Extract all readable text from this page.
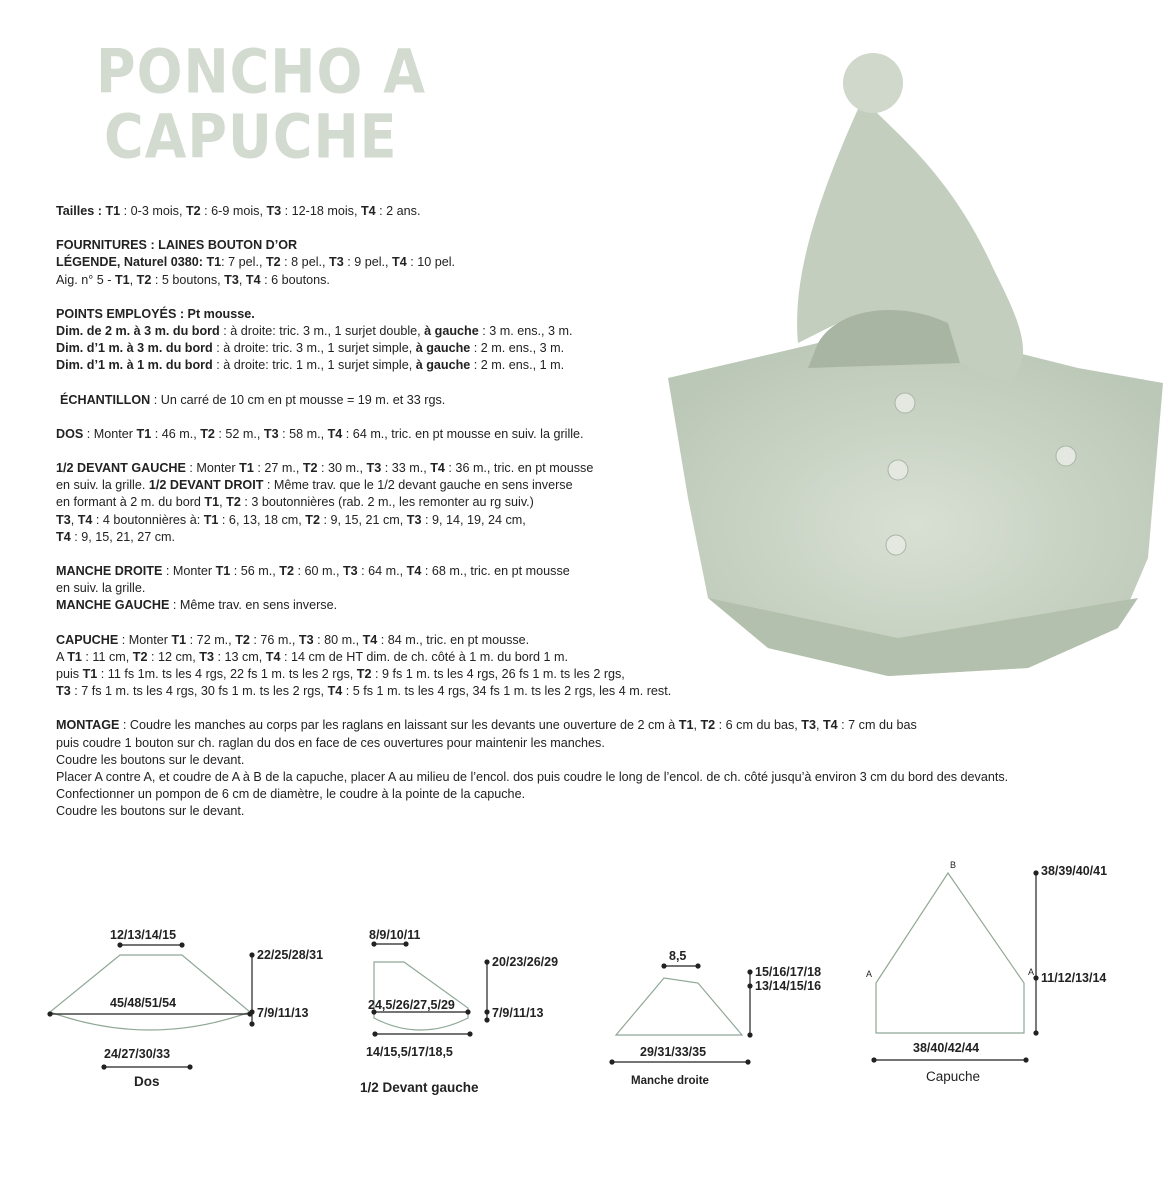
PONCHO A
CAPUCHE

Tailles : T1 : 0-3 mois, T2 : 6-9 mois, T3 : 12-18 mois, T4 : 2 ans.

FOURNITURES : LAINES BOUTON D’OR
LÉGENDE, Naturel 0380: T1: 7 pel., T2 : 8 pel., T3 : 9 pel., T4 : 10 pel.
Aig. n° 5 - T1, T2 : 5 boutons, T3, T4 : 6 boutons.

POINTS EMPLOYÉS : Pt mousse.
Dim. de 2 m. à 3 m. du bord : à droite: tric. 3 m., 1 surjet double, à gauche : 3 m. ens., 3 m.
Dim. d’1 m. à 3 m. du bord : à droite: tric. 3 m., 1 surjet simple, à gauche : 2 m. ens., 3 m.
Dim. d’1 m. à 1 m. du bord : à droite: tric. 1 m., 1 surjet simple, à gauche : 2 m. ens., 1 m.

ÉCHANTILLON : Un carré de 10 cm en pt mousse = 19 m. et 33 rgs.

DOS : Monter T1 : 46 m., T2 : 52 m., T3 : 58 m., T4 : 64 m., tric. en pt mousse en suiv. la grille.

1/2 DEVANT GAUCHE : Monter T1 : 27 m., T2 : 30 m., T3 : 33 m., T4 : 36 m., tric. en pt mousse
en suiv. la grille. 1/2 DEVANT DROIT : Même trav. que le 1/2 devant gauche en sens inverse
en formant à 2 m. du bord T1, T2 : 3 boutonnières (rab. 2 m., les remonter au rg suiv.)
T3, T4 : 4 boutonnières à: T1 : 6, 13, 18 cm, T2 : 9, 15, 21 cm, T3 : 9, 14, 19, 24 cm,
T4 : 9, 15, 21, 27 cm.

MANCHE DROITE : Monter T1 : 56 m., T2 : 60 m., T3 : 64 m., T4 : 68 m., tric. en pt mousse
en suiv. la grille.
MANCHE GAUCHE : Même trav. en sens inverse.

CAPUCHE : Monter T1 : 72 m., T2 : 76 m., T3 : 80 m., T4 : 84 m., tric. en pt mousse.
A T1 : 11 cm, T2 : 12 cm, T3 : 13 cm, T4 : 14 cm de HT dim. de ch. côté à 1 m. du bord 1 m.
puis T1 : 11 fs 1m. ts les 4 rgs, 22 fs 1 m. ts les 2 rgs, T2 : 9 fs 1 m. ts les 4 rgs, 26 fs 1 m. ts les 2 rgs,
T3 : 7 fs 1 m. ts les 4 rgs, 30 fs 1 m. ts les 2 rgs, T4 : 5 fs 1 m. ts les 4 rgs, 34 fs 1 m. ts les 2 rgs, les 4 m. rest.

MONTAGE : Coudre les manches au corps par les raglans en laissant sur les devants une ouverture de 2 cm à T1, T2 : 6 cm du bas, T3, T4 : 7 cm du bas
puis coudre 1 bouton sur ch. raglan du dos en face de ces ouvertures pour maintenir les manches.
Coudre les boutons sur le devant.
Placer A contre A, et coudre de A à B de la capuche, placer A au milieu de l’encol. dos puis coudre le long de l’encol. de ch. côté jusqu’à environ 3 cm du bord des devants.
Confectionner un pompon de 6 cm de diamètre, le coudre à la pointe de la capuche.
Coudre les boutons sur le devant.

12/13/14/15
45/48/51/54
24/27/30/33
22/25/28/31
7/9/11/13
Dos
8/9/10/11
24,5/26/27,5/29
14/15,5/17/18,5
20/23/26/29
7/9/11/13
1/2 Devant gauche
8,5
29/31/33/35
15/16/17/18
13/14/15/16
Manche droite
B
A	A
38/39/40/41
11/12/13/14
38/40/42/44
Capuche
